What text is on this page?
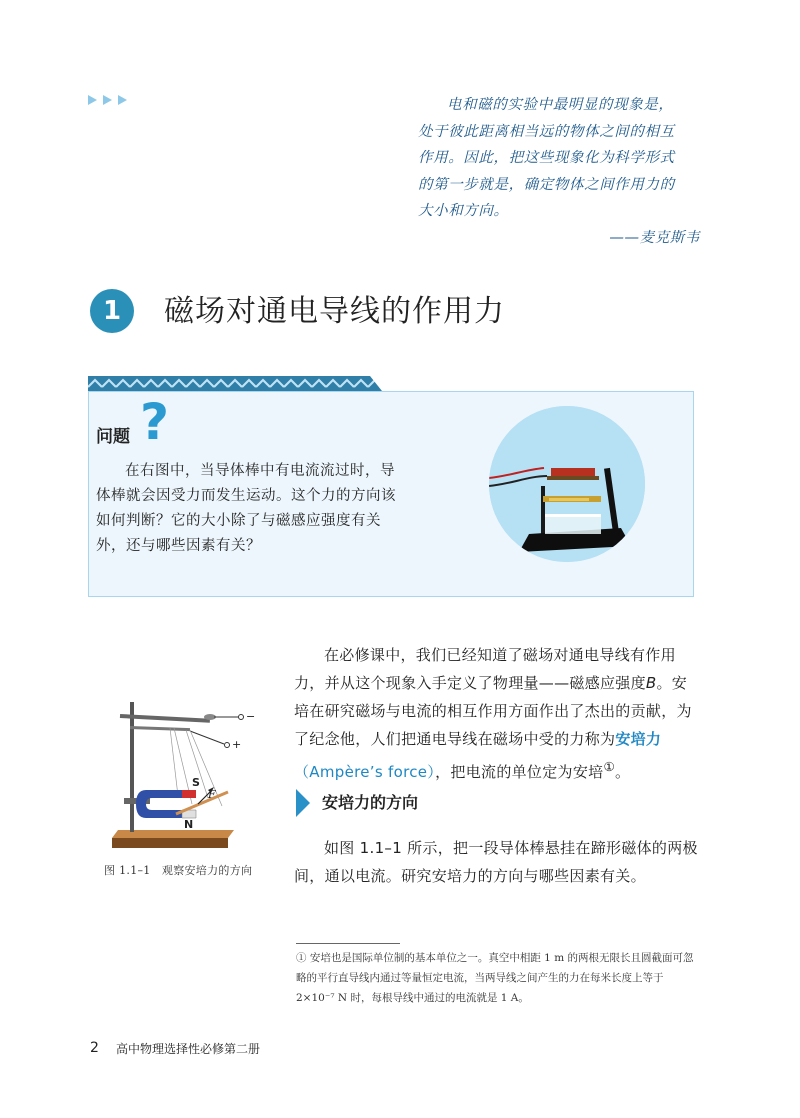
电和磁的实验中最明显的现象是，

处于彼此距离相当远的物体之间的相互
作用。因此，把这些现象化为科学形式
的第一步就是，确定物体之间作用力的
大小和方向。
——麦克斯韦
1	磁场对通电导线的作用力
问题 ?

在右图中，当导体棒中有电流流过时，导体棒就会因受力而发生运动。这个力的方向该如何判断？它的大小除了与磁感应强度有关外，还与哪些因素有关？

在必修课中，我们已经知道了磁场对通电导线有作用力，并从这个现象入手定义了物理量——磁感应强度B。安培在研究磁场与电流的相互作用方面作出了杰出的贡献，为了纪念他，人们把通电导线在磁场中受的力称为安培力（Ampère’s force），把电流的单位定为安培①。

安培力的方向

如图 1.1–1 所示，把一段导体棒悬挂在蹄形磁体的两极间，通以电流。研究安培力的方向与哪些因素有关。

−
+
S
F
N
图 1.1–1　观察安培力的方向

① 安培也是国际单位制的基本单位之一。真空中相距 1 m 的两根无限长且圆截面可忽略的平行直导线内通过等量恒定电流，当两导线之间产生的力在每米长度上等于 2×10⁻⁷ N 时，每根导线中通过的电流就是 1 A。

2 高中物理选择性必修第二册
